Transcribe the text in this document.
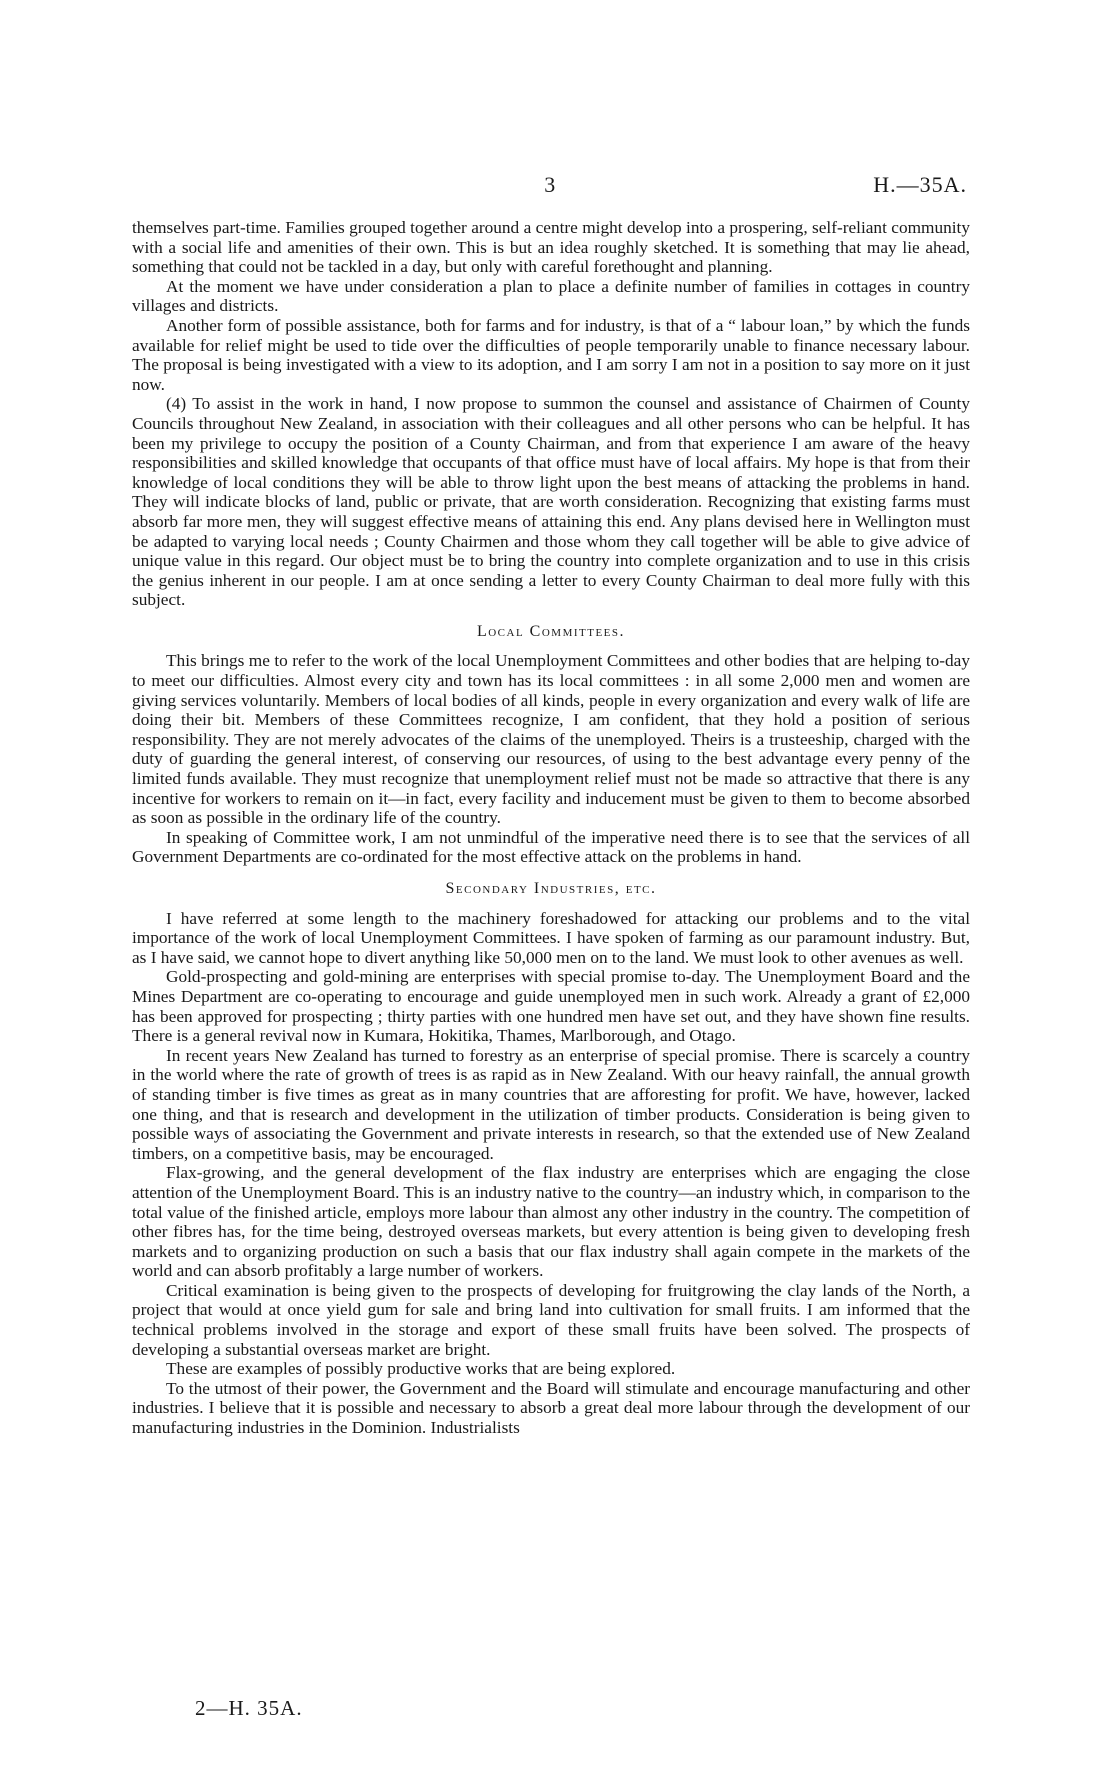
3	H.—35A.

themselves part-time. Families grouped together around a centre might develop into a prospering, self-reliant community with a social life and amenities of their own. This is but an idea roughly sketched. It is something that may lie ahead, something that could not be tackled in a day, but only with careful forethought and planning.

At the moment we have under consideration a plan to place a definite number of families in cottages in country villages and districts.

Another form of possible assistance, both for farms and for industry, is that of a “ labour loan,” by which the funds available for relief might be used to tide over the difficulties of people temporarily unable to finance necessary labour. The proposal is being investigated with a view to its adoption, and I am sorry I am not in a position to say more on it just now.

(4) To assist in the work in hand, I now propose to summon the counsel and assistance of Chairmen of County Councils throughout New Zealand, in association with their colleagues and all other persons who can be helpful. It has been my privilege to occupy the position of a County Chairman, and from that experience I am aware of the heavy responsibilities and skilled knowledge that occupants of that office must have of local affairs. My hope is that from their knowledge of local conditions they will be able to throw light upon the best means of attacking the problems in hand. They will indicate blocks of land, public or private, that are worth consideration. Recognizing that existing farms must absorb far more men, they will suggest effective means of attaining this end. Any plans devised here in Wellington must be adapted to varying local needs ; County Chairmen and those whom they call together will be able to give advice of unique value in this regard. Our object must be to bring the country into complete organization and to use in this crisis the genius inherent in our people. I am at once sending a letter to every County Chairman to deal more fully with this subject.

Local Committees.

This brings me to refer to the work of the local Unemployment Committees and other bodies that are helping to-day to meet our difficulties. Almost every city and town has its local committees : in all some 2,000 men and women are giving services voluntarily. Members of local bodies of all kinds, people in every organization and every walk of life are doing their bit. Members of these Committees recognize, I am confident, that they hold a position of serious responsibility. They are not merely advocates of the claims of the unemployed. Theirs is a trusteeship, charged with the duty of guarding the general interest, of conserving our resources, of using to the best advantage every penny of the limited funds available. They must recognize that unemployment relief must not be made so attractive that there is any incentive for workers to remain on it—in fact, every facility and inducement must be given to them to become absorbed as soon as possible in the ordinary life of the country.

In speaking of Committee work, I am not unmindful of the imperative need there is to see that the services of all Government Departments are co-ordinated for the most effective attack on the problems in hand.

Secondary Industries, etc.

I have referred at some length to the machinery foreshadowed for attacking our problems and to the vital importance of the work of local Unemployment Committees. I have spoken of farming as our paramount industry. But, as I have said, we cannot hope to divert anything like 50,000 men on to the land. We must look to other avenues as well.

Gold-prospecting and gold-mining are enterprises with special promise to-day. The Unemployment Board and the Mines Department are co-operating to encourage and guide unemployed men in such work. Already a grant of £2,000 has been approved for prospecting ; thirty parties with one hundred men have set out, and they have shown fine results. There is a general revival now in Kumara, Hokitika, Thames, Marlborough, and Otago.

In recent years New Zealand has turned to forestry as an enterprise of special promise. There is scarcely a country in the world where the rate of growth of trees is as rapid as in New Zealand. With our heavy rainfall, the annual growth of standing timber is five times as great as in many countries that are afforesting for profit. We have, however, lacked one thing, and that is research and development in the utilization of timber products. Consideration is being given to possible ways of associating the Government and private interests in research, so that the extended use of New Zealand timbers, on a competitive basis, may be encouraged.

Flax-growing, and the general development of the flax industry are enterprises which are engaging the close attention of the Unemployment Board. This is an industry native to the country—an industry which, in comparison to the total value of the finished article, employs more labour than almost any other industry in the country. The competition of other fibres has, for the time being, destroyed overseas markets, but every attention is being given to developing fresh markets and to organizing production on such a basis that our flax industry shall again compete in the markets of the world and can absorb profitably a large number of workers.

Critical examination is being given to the prospects of developing for fruitgrowing the clay lands of the North, a project that would at once yield gum for sale and bring land into cultivation for small fruits. I am informed that the technical problems involved in the storage and export of these small fruits have been solved. The prospects of developing a substantial overseas market are bright.

These are examples of possibly productive works that are being explored.

To the utmost of their power, the Government and the Board will stimulate and encourage manufacturing and other industries. I believe that it is possible and necessary to absorb a great deal more labour through the development of our manufacturing industries in the Dominion. Industrialists

2—H. 35A.
